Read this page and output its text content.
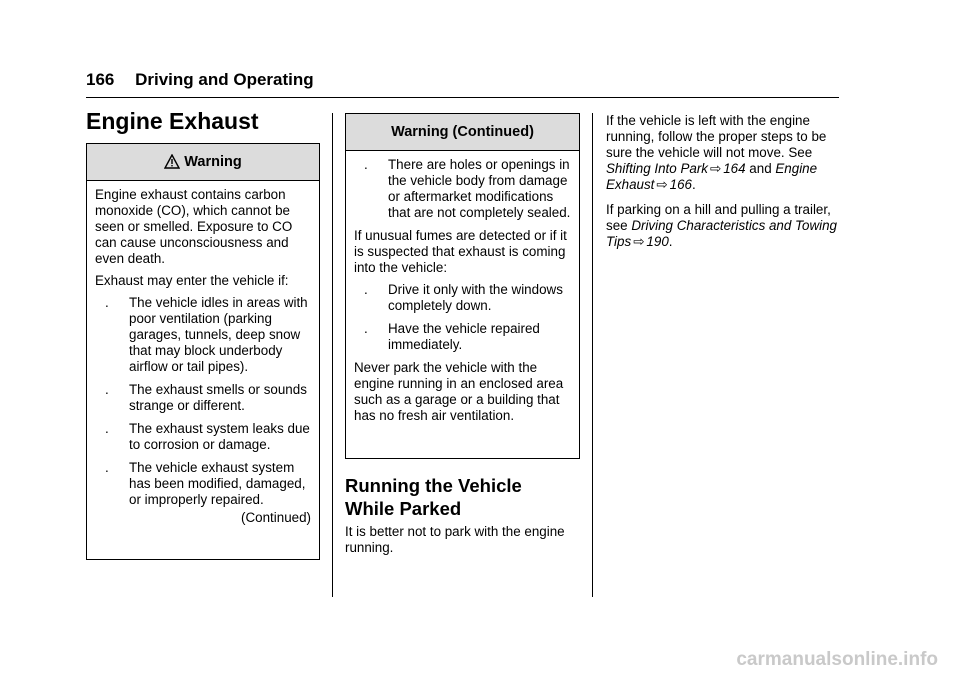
166 Driving and Operating
Engine Exhaust
Warning

Engine exhaust contains carbon monoxide (CO), which cannot be seen or smelled. Exposure to CO can cause unconsciousness and even death.

Exhaust may enter the vehicle if:

.	The vehicle idles in areas with poor ventilation (parking garages, tunnels, deep snow that may block underbody airflow or tail pipes).
.	The exhaust smells or sounds strange or different.
.	The exhaust system leaks due to corrosion or damage.
.	The vehicle exhaust system has been modified, damaged, or improperly repaired.
(Continued)
Warning (Continued)
.	There are holes or openings in the vehicle body from damage or aftermarket modifications that are not completely sealed.

If unusual fumes are detected or if it is suspected that exhaust is coming into the vehicle:

.	Drive it only with the windows completely down.
.	Have the vehicle repaired immediately.

Never park the vehicle with the engine running in an enclosed area such as a garage or a building that has no fresh air ventilation.

Running the Vehicle
While Parked
It is better not to park with the engine running.

If the vehicle is left with the engine running, follow the proper steps to be sure the vehicle will not move. See Shifting Into Park ⇨ 164 and Engine Exhaust ⇨ 166.

If parking on a hill and pulling a trailer, see Driving Characteristics and Towing Tips ⇨ 190.

carmanualsonline.info
